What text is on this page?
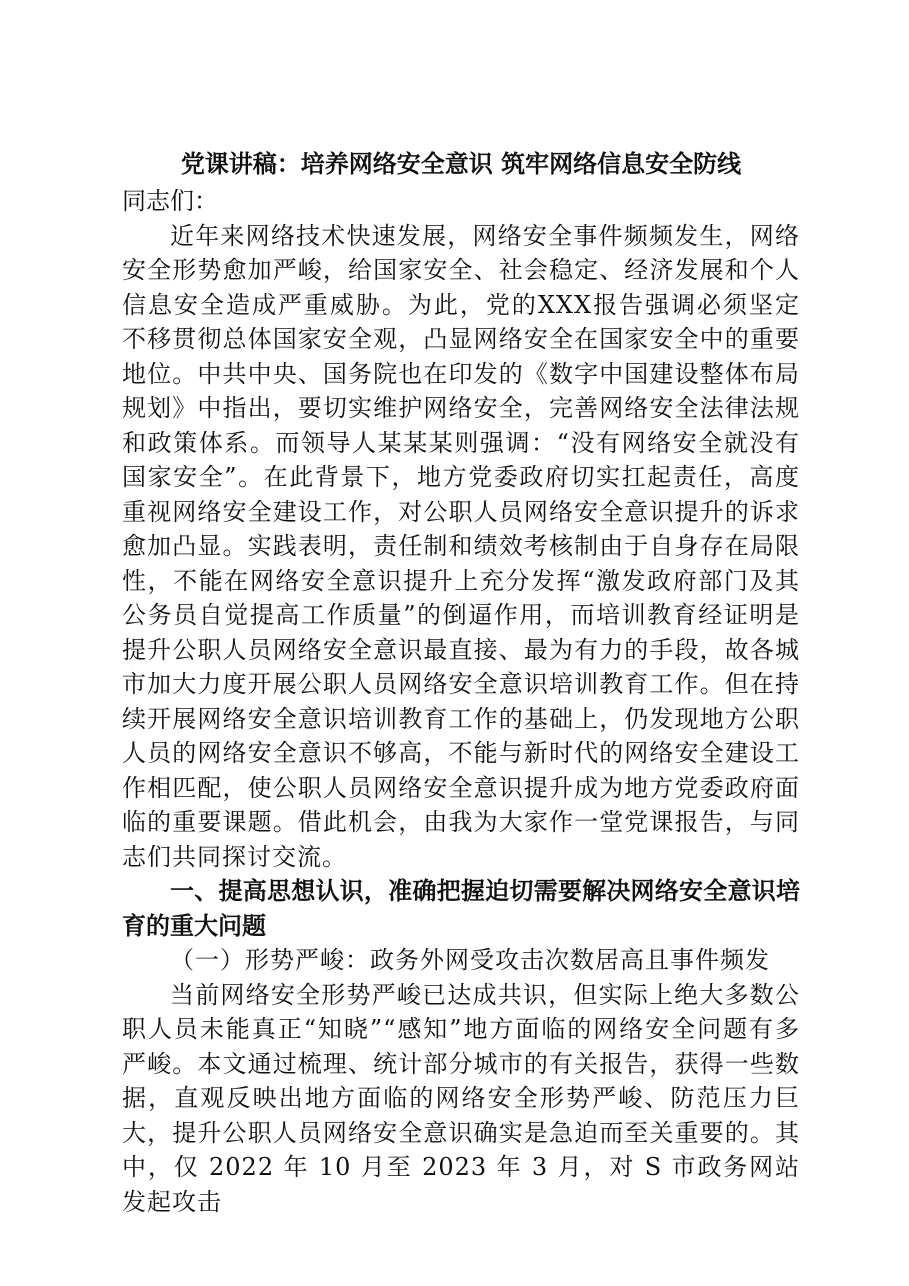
党课讲稿：培养网络安全意识 筑牢网络信息安全防线

同志们：

近年来网络技术快速发展，网络安全事件频频发生，网络安全形势愈加严峻，给国家安全、社会稳定、经济发展和个人信息安全造成严重威胁。为此，党的XXX报告强调必须坚定不移贯彻总体国家安全观，凸显网络安全在国家安全中的重要地位。中共中央、国务院也在印发的《数字中国建设整体布局规划》中指出，要切实维护网络安全，完善网络安全法律法规和政策体系。而领导人某某某则强调：“没有网络安全就没有国家安全”。在此背景下，地方党委政府切实扛起责任，高度重视网络安全建设工作，对公职人员网络安全意识提升的诉求愈加凸显。实践表明，责任制和绩效考核制由于自身存在局限性，不能在网络安全意识提升上充分发挥“激发政府部门及其公务员自觉提高工作质量”的倒逼作用，而培训教育经证明是提升公职人员网络安全意识最直接、最为有力的手段，故各城市加大力度开展公职人员网络安全意识培训教育工作。但在持续开展网络安全意识培训教育工作的基础上，仍发现地方公职人员的网络安全意识不够高，不能与新时代的网络安全建设工作相匹配，使公职人员网络安全意识提升成为地方党委政府面临的重要课题。借此机会，由我为大家作一堂党课报告，与同志们共同探讨交流。

一、提高思想认识，准确把握迫切需要解决网络安全意识培育的重大问题

（一）形势严峻：政务外网受攻击次数居高且事件频发

当前网络安全形势严峻已达成共识，但实际上绝大多数公职人员未能真正“知晓”“感知”地方面临的网络安全问题有多严峻。本文通过梳理、统计部分城市的有关报告，获得一些数据，直观反映出地方面临的网络安全形势严峻、防范压力巨大，提升公职人员网络安全意识确实是急迫而至关重要的。其中，仅 2022 年 10 月至 2023 年 3 月，对 S 市政务网站发起攻击
